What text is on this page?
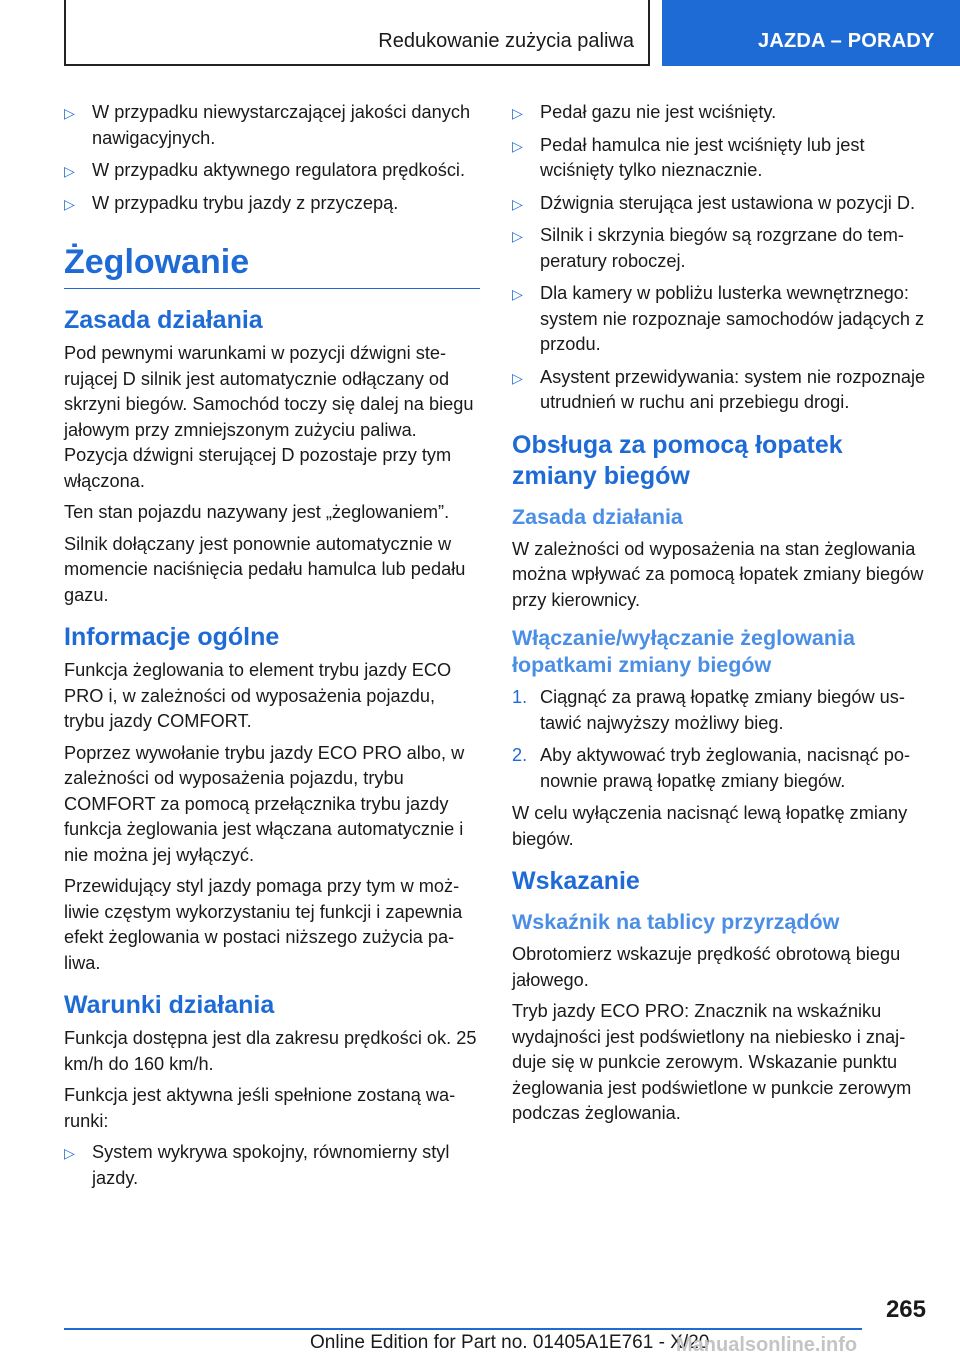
Redukowanie zużycia paliwa	JAZDA – PORADY
▷ W przypadku niewystarczającej jakości danych nawigacyjnych.
▷ W przypadku aktywnego regulatora prędkości.
▷ W przypadku trybu jazdy z przyczepą.
Żeglowanie
Zasada działania

Pod pewnymi warunkami w pozycji dźwigni sterującej D silnik jest automatycznie odłączany od skrzyni biegów. Samochód toczy się dalej na biegu jałowym przy zmniejszonym zużyciu paliwa. Pozycja dźwigni sterującej D pozostaje przy tym włączona.

Ten stan pojazdu nazywany jest „żeglowaniem”.

Silnik dołączany jest ponownie automatycznie w momencie naciśnięcia pedału hamulca lub pedału gazu.

Informacje ogólne

Funkcja żeglowania to element trybu jazdy ECO PRO i, w zależności od wyposażenia pojazdu, trybu jazdy COMFORT.

Poprzez wywołanie trybu jazdy ECO PRO albo, w zależności od wyposażenia pojazdu, trybu COMFORT za pomocą przełącznika trybu jazdy funkcja żeglowania jest włączana automatycznie i nie można jej wyłączyć.

Przewidujący styl jazdy pomaga przy tym w możliwie częstym wykorzystaniu tej funkcji i zapewnia efekt żeglowania w postaci niższego zużycia paliwa.

Warunki działania

Funkcja dostępna jest dla zakresu prędkości ok. 25 km/h do 160 km/h.

Funkcja jest aktywna jeśli spełnione zostaną warunki:

▷ System wykrywa spokojny, równomierny styl jazdy.
▷ Pedał gazu nie jest wciśnięty.
▷ Pedał hamulca nie jest wciśnięty lub jest wciśnięty tylko nieznacznie.
▷ Dźwignia sterująca jest ustawiona w pozycji D.
▷ Silnik i skrzynia biegów są rozgrzane do temperatury roboczej.
▷ Dla kamery w pobliżu lusterka wewnętrznego: system nie rozpoznaje samochodów jadących z przodu.
▷ Asystent przewidywania: system nie rozpoznaje utrudnień w ruchu ani przebiegu drogi.
Obsługa za pomocą łopatek zmiany biegów
Zasada działania

W zależności od wyposażenia na stan żeglowania można wpływać za pomocą łopatek zmiany biegów przy kierownicy.

Włączanie/wyłączanie żeglowania łopatkami zmiany biegów
1. Ciągnąć za prawą łopatkę zmiany biegów ustawić najwyższy możliwy bieg.
2. Aby aktywować tryb żeglowania, nacisnąć ponownie prawą łopatkę zmiany biegów.

W celu wyłączenia nacisnąć lewą łopatkę zmiany biegów.

Wskazanie
Wskaźnik na tablicy przyrządów

Obrotomierz wskazuje prędkość obrotową biegu jałowego.

Tryb jazdy ECO PRO: Znacznik na wskaźniku wydajności jest podświetlony na niebiesko i znajduje się w punkcie zerowym. Wskazanie punktu żeglowania jest podświetlone w punkcie zerowym podczas żeglowania.

265
Online Edition for Part no. 01405A1E761 - X/20
Manualsonline.info
